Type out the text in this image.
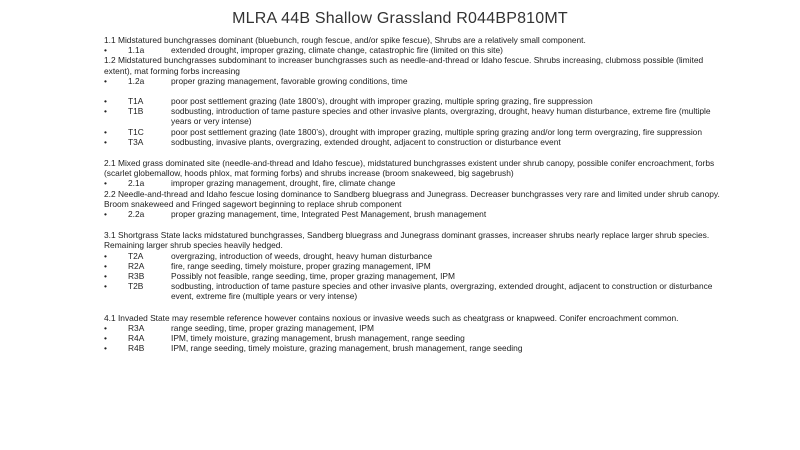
MLRA 44B Shallow Grassland R044BP810MT

1.1 Midstatured bunchgrasses dominant (bluebunch, rough fescue, and/or spike fescue), Shrubs are a relatively small component.

•	1.1a	extended drought, improper grazing, climate change, catastrophic fire (limited on this site)

1.2 Midstatured bunchgrasses subdominant to increaser bunchgrasses such as needle-and-thread or Idaho fescue. Shrubs increasing, clubmoss possible (limited extent), mat forming forbs increasing

•	1.2a	proper grazing management, favorable growing conditions, time
•	T1A	poor post settlement grazing (late 1800’s), drought with improper grazing, multiple spring grazing, fire suppression
•	T1B	sodbusting, introduction of tame pasture species and other invasive plants, overgrazing, drought, heavy human disturbance, extreme fire (multiple years or very intense)
•	T1C	poor post settlement grazing (late 1800’s), drought with improper grazing, multiple spring grazing and/or long term overgrazing, fire suppression
•	T3A	sodbusting, invasive plants, overgrazing, extended drought, adjacent to construction or disturbance event

2.1 Mixed grass dominated site (needle-and-thread and Idaho fescue), midstatured bunchgrasses existent under shrub canopy, possible conifer encroachment, forbs (scarlet globemallow, hoods phlox, mat forming forbs) and shrubs increase (broom snakeweed, big sagebrush)

•	2.1a	improper grazing management, drought, fire, climate change

2.2 Needle-and-thread and Idaho fescue losing dominance to Sandberg bluegrass and Junegrass. Decreaser bunchgrasses very rare and limited under shrub canopy. Broom snakeweed and Fringed sagewort beginning to replace shrub component

•	2.2a	proper grazing management, time, Integrated Pest Management, brush management

3.1 Shortgrass State lacks midstatured bunchgrasses, Sandberg bluegrass and Junegrass dominant grasses, increaser shrubs nearly replace larger shrub species. Remaining larger shrub species heavily hedged.

•	T2A	overgrazing, introduction of weeds, drought, heavy human disturbance
•	R2A	fire, range seeding, timely moisture, proper grazing management, IPM
•	R3B	Possibly not feasible, range seeding, time, proper grazing management, IPM
•	T2B	sodbusting, introduction of tame pasture species and other invasive plants, overgrazing, extended drought, adjacent to construction or disturbance event, extreme fire (multiple years or very intense)

4.1 Invaded State may resemble reference however contains noxious or invasive weeds such as cheatgrass or knapweed. Conifer encroachment common.

•	R3A	range seeding, time, proper grazing management, IPM
•	R4A	IPM, timely moisture, grazing management, brush management, range seeding
•	R4B	IPM, range seeding, timely moisture, grazing management, brush management, range seeding
